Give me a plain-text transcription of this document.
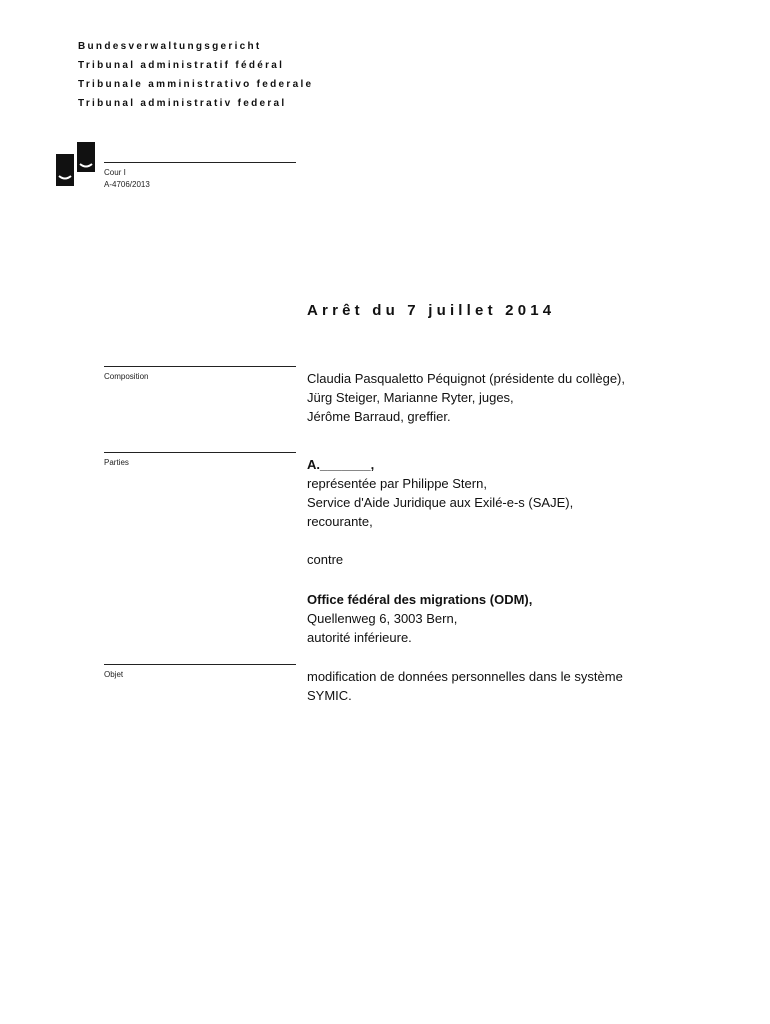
Bundesverwaltungsgericht
Tribunal administratif fédéral
Tribunale amministrativo federale
Tribunal administrativ federal
Cour I
A-4706/2013
Arrêt du 7 juillet 2014
Composition	Claudia Pasqualetto Péquignot (présidente du collège),
Jürg Steiger, Marianne Ryter, juges,
Jérôme Barraud, greffier.
Parties	A._______,
représentée par Philippe Stern,
Service d'Aide Juridique aux Exilé-e-s (SAJE),
recourante,
contre
Office fédéral des migrations (ODM),
Quellenweg 6, 3003 Bern,
autorité inférieure.
Objet	modification de données personnelles dans le système
SYMIC.
